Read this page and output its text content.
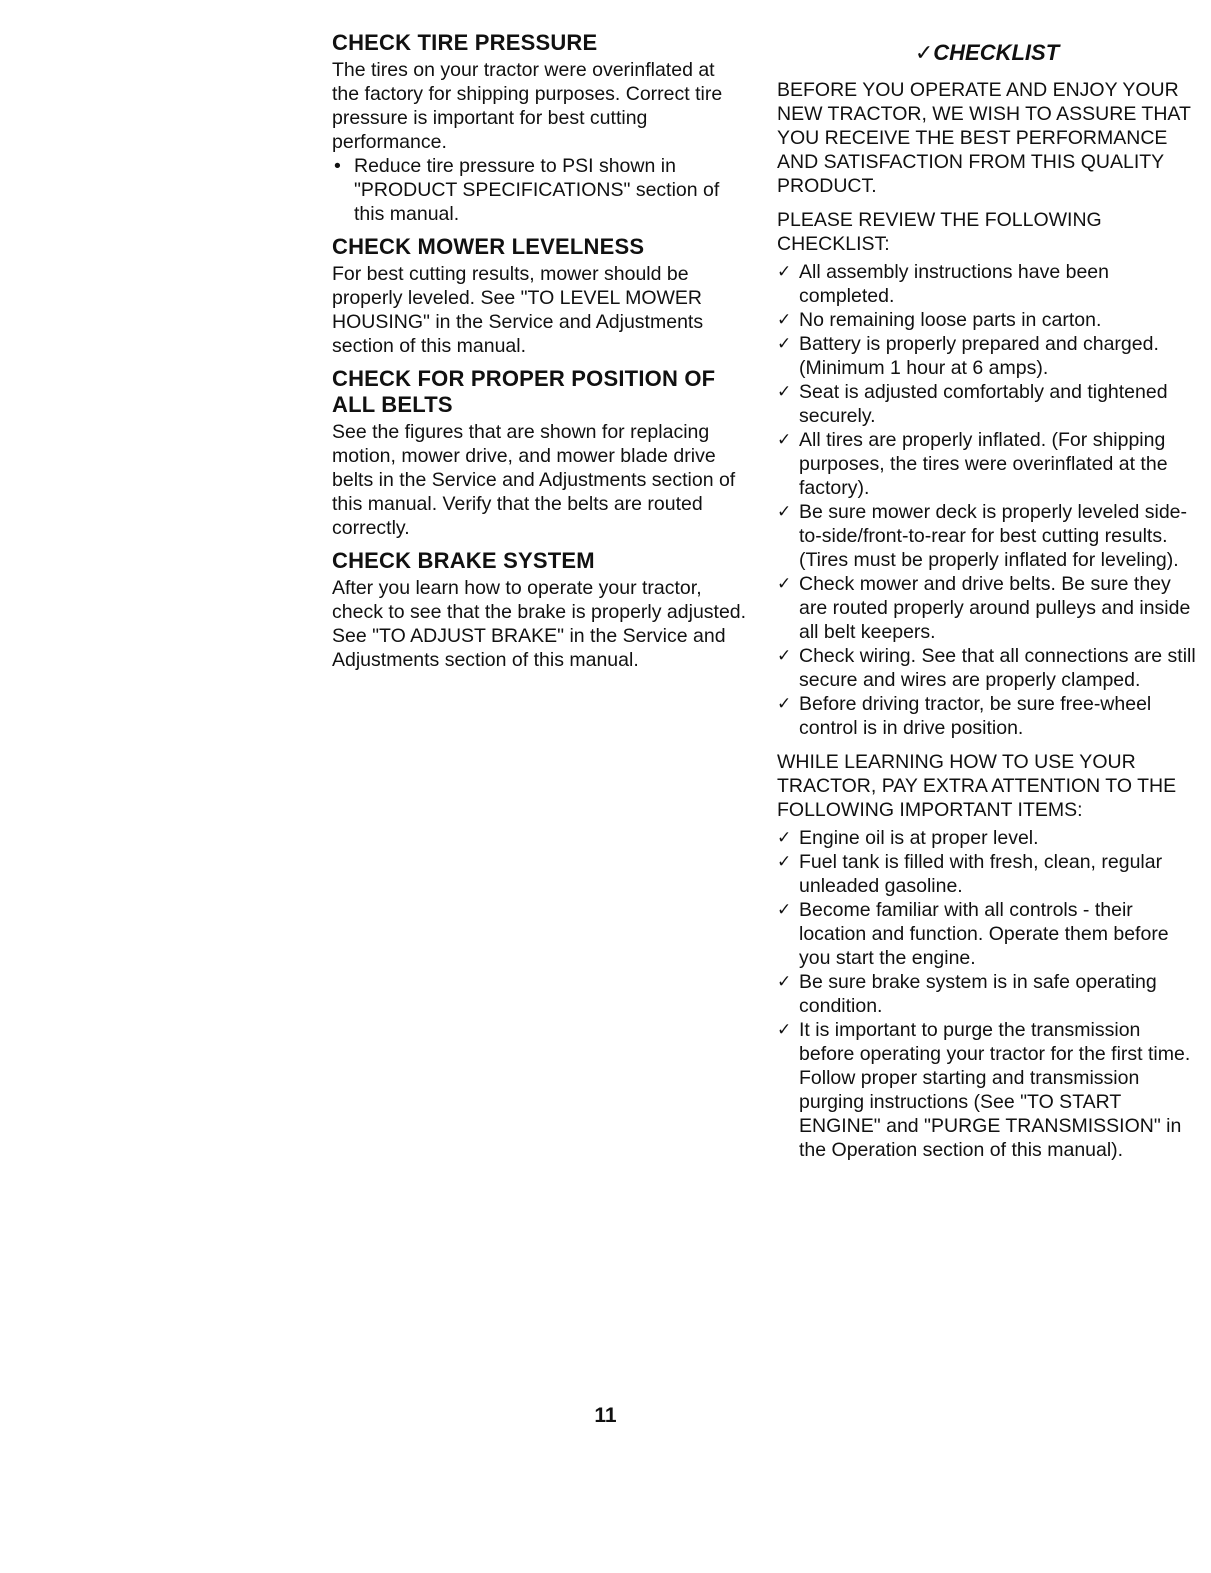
CHECK TIRE PRESSURE

The tires on your tractor were overinflated at the factory for shipping purposes. Correct tire pressure is important for best cutting performance.

• Reduce tire pressure to PSI shown in "PRODUCT SPECIFICATIONS" section of this manual.
CHECK MOWER LEVELNESS

For best cutting results, mower should be properly leveled. See "TO LEVEL MOWER HOUSING" in the Service and Adjustments section of this manual.

CHECK FOR PROPER POSITION OF ALL BELTS

See the figures that are shown for replacing motion, mower drive, and mower blade drive belts in the Service and Adjustments section of this manual. Verify that the belts are routed correctly.

CHECK BRAKE SYSTEM

After you learn how to operate your tractor, check to see that the brake is properly adjusted. See "TO ADJUST BRAKE" in the Service and Adjustments section of this manual.

✓CHECKLIST

BEFORE YOU OPERATE AND ENJOY YOUR NEW TRACTOR, WE WISH TO ASSURE THAT YOU RECEIVE THE BEST PERFORMANCE AND SATISFACTION FROM THIS QUALITY PRODUCT.

PLEASE REVIEW THE FOLLOWING CHECKLIST:

✓ All assembly instructions have been completed.
✓ No remaining loose parts in carton.
✓ Battery is properly prepared and charged. (Minimum 1 hour at 6 amps).
✓ Seat is adjusted comfortably and tightened securely.
✓ All tires are properly inflated. (For shipping purposes, the tires were overinflated at the factory).
✓ Be sure mower deck is properly leveled side-to-side/front-to-rear for best cutting results. (Tires must be properly inflated for leveling).
✓ Check mower and drive belts. Be sure they are routed properly around pulleys and inside all belt keepers.
✓ Check wiring. See that all connections are still secure and wires are properly clamped.
✓ Before driving tractor, be sure free-wheel control is in drive position.

WHILE LEARNING HOW TO USE YOUR TRACTOR, PAY EXTRA ATTENTION TO THE FOLLOWING IMPORTANT ITEMS:

✓ Engine oil is at proper level.
✓ Fuel tank is filled with fresh, clean, regular unleaded gasoline.
✓ Become familiar with all controls - their location and function. Operate them before you start the engine.
✓ Be sure brake system is in safe operating condition.
✓ It is important to purge the transmission before operating your tractor for the first time. Follow proper starting and transmission purging instructions (See "TO START ENGINE" and "PURGE TRANSMISSION" in the Operation section of this manual).
11
